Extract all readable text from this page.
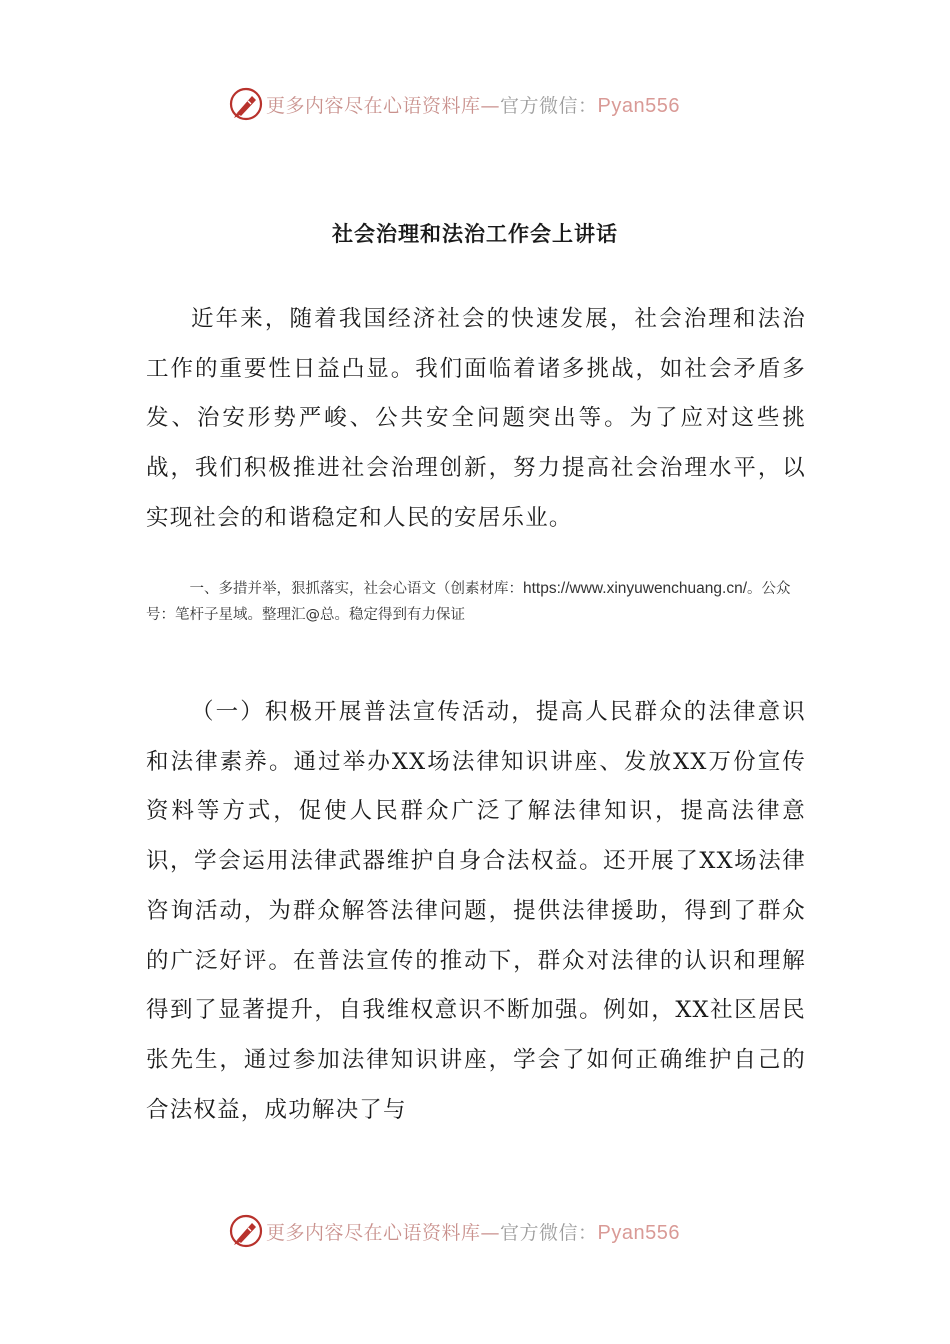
更多内容尽在心语资料库—官方微信：Pyan556
社会治理和法治工作会上讲话

近年来，随着我国经济社会的快速发展，社会治理和法治工作的重要性日益凸显。我们面临着诸多挑战，如社会矛盾多发、治安形势严峻、公共安全问题突出等。为了应对这些挑战，我们积极推进社会治理创新，努力提高社会治理水平，以实现社会的和谐稳定和人民的安居乐业。

一、多措并举，狠抓落实，社会心语文（创素材库：https://www.xinyuwenchuang.cn/。公众号：笔杆子星域。整理汇@总。稳定得到有力保证

（一）积极开展普法宣传活动，提高人民群众的法律意识和法律素养。通过举办XX场法律知识讲座、发放XX万份宣传资料等方式，促使人民群众广泛了解法律知识，提高法律意识，学会运用法律武器维护自身合法权益。还开展了XX场法律咨询活动，为群众解答法律问题，提供法律援助，得到了群众的广泛好评。在普法宣传的推动下，群众对法律的认识和理解得到了显著提升，自我维权意识不断加强。例如，XX社区居民张先生，通过参加法律知识讲座，学会了如何正确维护自己的合法权益，成功解决了与

更多内容尽在心语资料库—官方微信：Pyan556
